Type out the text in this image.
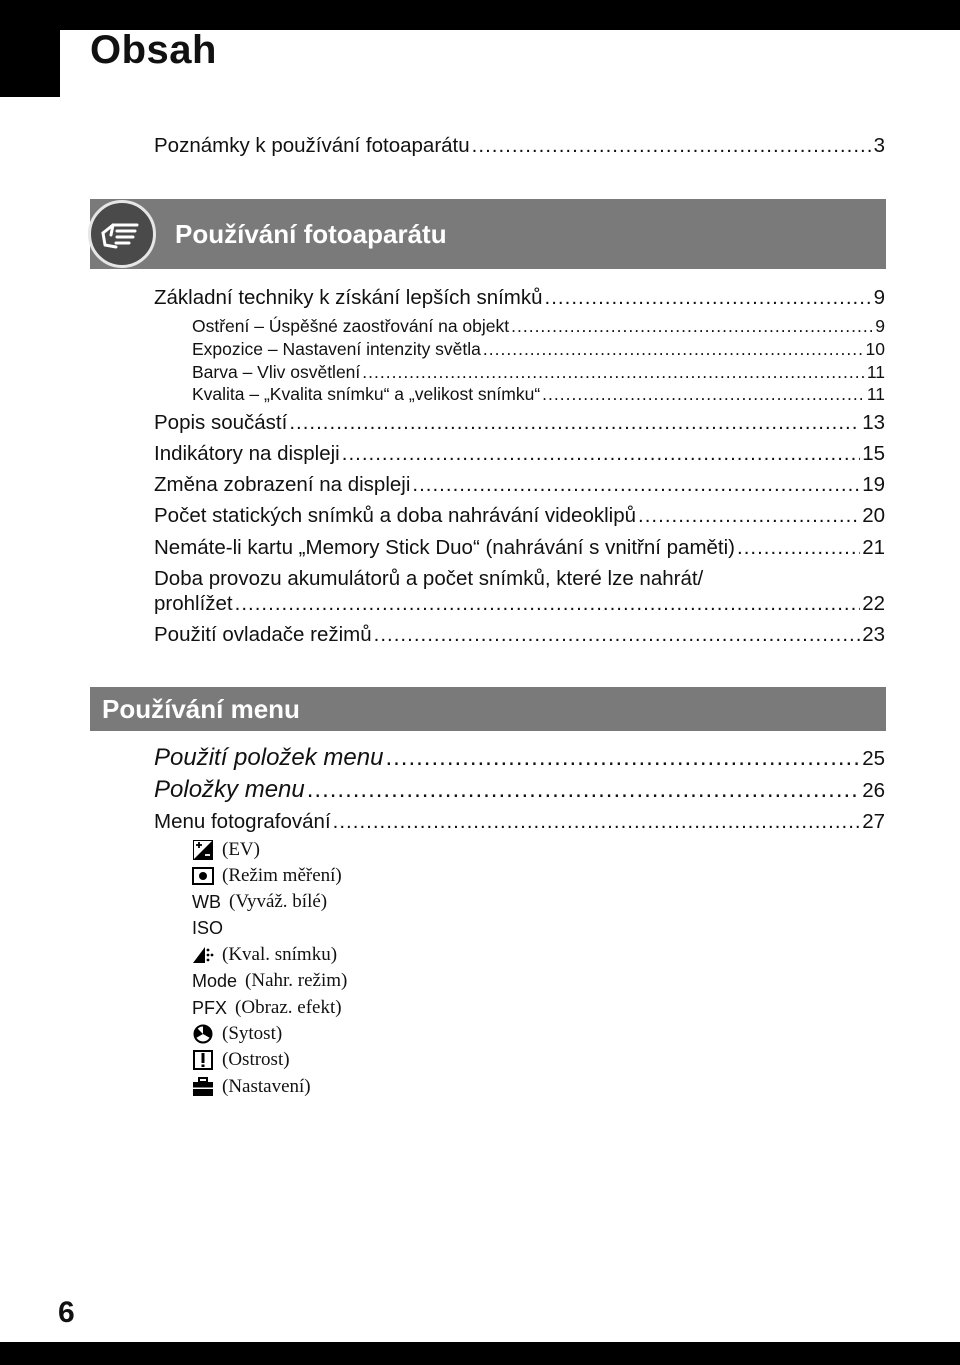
Obsah
Poznámky k používání fotoaparátu .....	3
Používání fotoaparátu
Základní techniky k získání lepších snímků .....	9
Ostření – Úspěšné zaostřování na objekt .....	9
Expozice – Nastavení intenzity světla .....	10
Barva – Vliv osvětlení .....	11
Kvalita – „Kvalita snímku“ a „velikost snímku“ .....	11
Popis součástí .....	13
Indikátory na displeji .....	15
Změna zobrazení na displeji .....	19
Počet statických snímků a doba nahrávání videoklipů .....	20
Nemáte-li kartu „Memory Stick Duo“ (nahrávání s vnitřní paměti) .....	21
Doba provozu akumulátorů a počet snímků, které lze nahrát/
prohlížet .....	22
Použití ovladače režimů .....	23
Používání menu
Použití položek menu .....	25
Položky menu .....	26
Menu fotografování .....	27
(EV)
(Režim měření)
WB (Vyváž. bílé)
ISO
(Kval. snímku)
Mode (Nahr. režim)
PFX (Obraz. efekt)
(Sytost)
(Ostrost)
(Nastavení)
6
